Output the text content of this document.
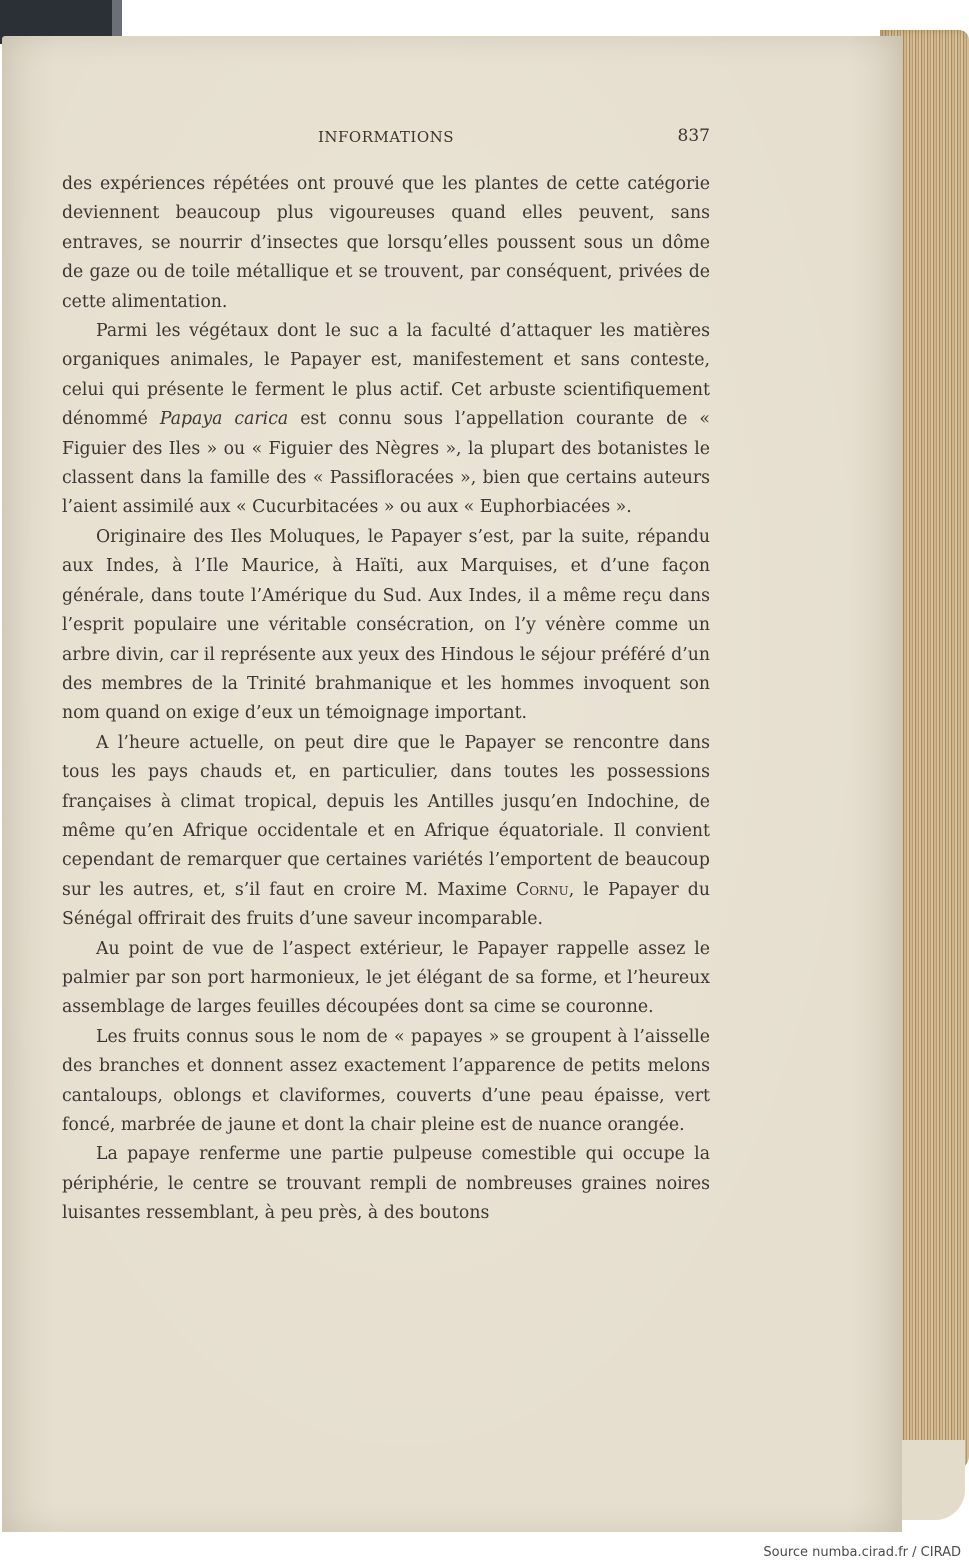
INFORMATIONS	837

des expériences répétées ont prouvé que les plantes de cette catégorie deviennent beaucoup plus vigoureuses quand elles peuvent, sans entraves, se nourrir d’insectes que lorsqu’elles poussent sous un dôme de gaze ou de toile métallique et se trouvent, par conséquent, privées de cette alimentation.

Parmi les végétaux dont le suc a la faculté d’attaquer les matières organiques animales, le Papayer est, manifestement et sans conteste, celui qui présente le ferment le plus actif. Cet arbuste scientifiquement dénommé Papaya carica est connu sous l’appellation courante de « Figuier des Iles » ou « Figuier des Nègres », la plupart des botanistes le classent dans la famille des « Passifloracées », bien que certains auteurs l’aient assimilé aux « Cucurbitacées » ou aux « Euphorbiacées ».

Originaire des Iles Moluques, le Papayer s’est, par la suite, répandu aux Indes, à l’Ile Maurice, à Haïti, aux Marquises, et d’une façon générale, dans toute l’Amérique du Sud. Aux Indes, il a même reçu dans l’esprit populaire une véritable consécration, on l’y vénère comme un arbre divin, car il représente aux yeux des Hindous le séjour préféré d’un des membres de la Trinité brahmanique et les hommes invoquent son nom quand on exige d’eux un témoignage important.

A l’heure actuelle, on peut dire que le Papayer se rencontre dans tous les pays chauds et, en particulier, dans toutes les possessions françaises à climat tropical, depuis les Antilles jusqu’en Indochine, de même qu’en Afrique occidentale et en Afrique équatoriale. Il convient cependant de remarquer que certaines variétés l’emportent de beaucoup sur les autres, et, s’il faut en croire M. Maxime Cornu, le Papayer du Sénégal offrirait des fruits d’une saveur incomparable.

Au point de vue de l’aspect extérieur, le Papayer rappelle assez le palmier par son port harmonieux, le jet élégant de sa forme, et l’heureux assemblage de larges feuilles découpées dont sa cime se couronne.

Les fruits connus sous le nom de « papayes » se groupent à l’aisselle des branches et donnent assez exactement l’apparence de petits melons cantaloups, oblongs et claviformes, couverts d’une peau épaisse, vert foncé, marbrée de jaune et dont la chair pleine est de nuance orangée.

La papaye renferme une partie pulpeuse comestible qui occupe la périphérie, le centre se trouvant rempli de nombreuses graines noires luisantes ressemblant, à peu près, à des boutons

Source numba.cirad.fr / CIRAD
